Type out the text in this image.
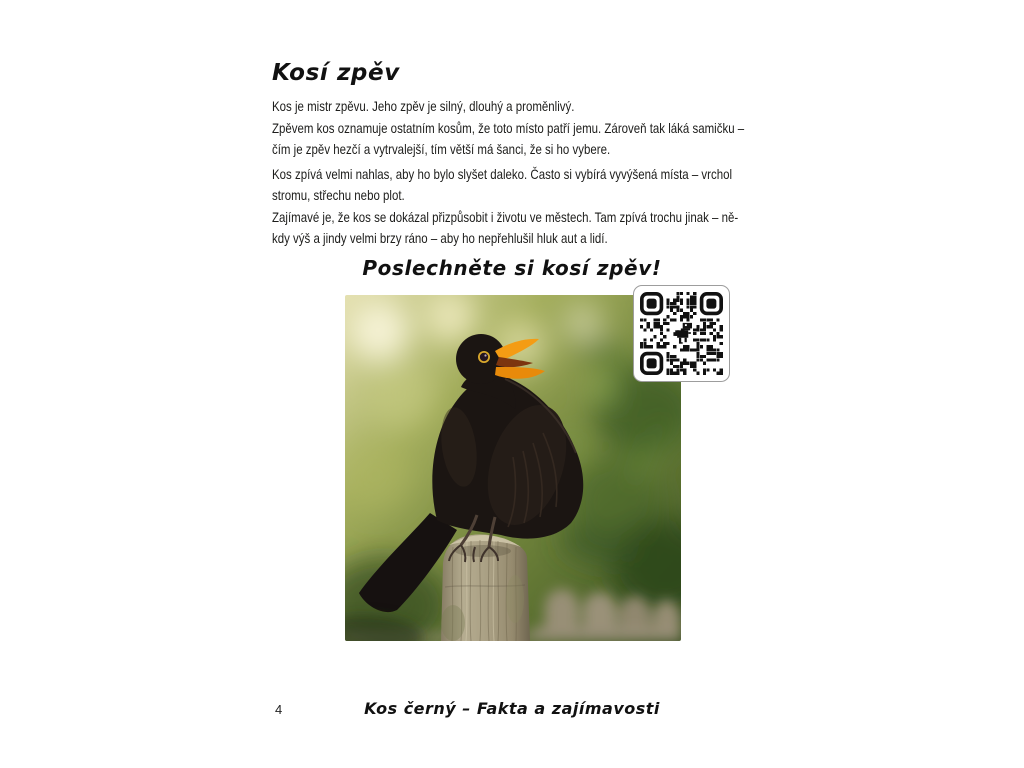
Kosí zpěv

Kos je mistr zpěvu. Jeho zpěv je silný, dlouhý a proměnlivý.
Zpěvem kos oznamuje ostatním kosům, že toto místo patří jemu. Zároveň tak láká samičku –
čím je zpěv hezčí a vytrvalejší, tím větší má šanci, že si ho vybere.

Kos zpívá velmi nahlas, aby ho bylo slyšet daleko. Často si vybírá vyvýšená místa – vrchol
stromu, střechu nebo plot.
Zajímavé je, že kos se dokázal přizpůsobit i životu ve městech. Tam zpívá trochu jinak – ně-
kdy výš a jindy velmi brzy ráno – aby ho nepřehlušil hluk aut a lidí.

Poslechněte si kosí zpěv!
4	Kos černý – Fakta a zajímavosti
